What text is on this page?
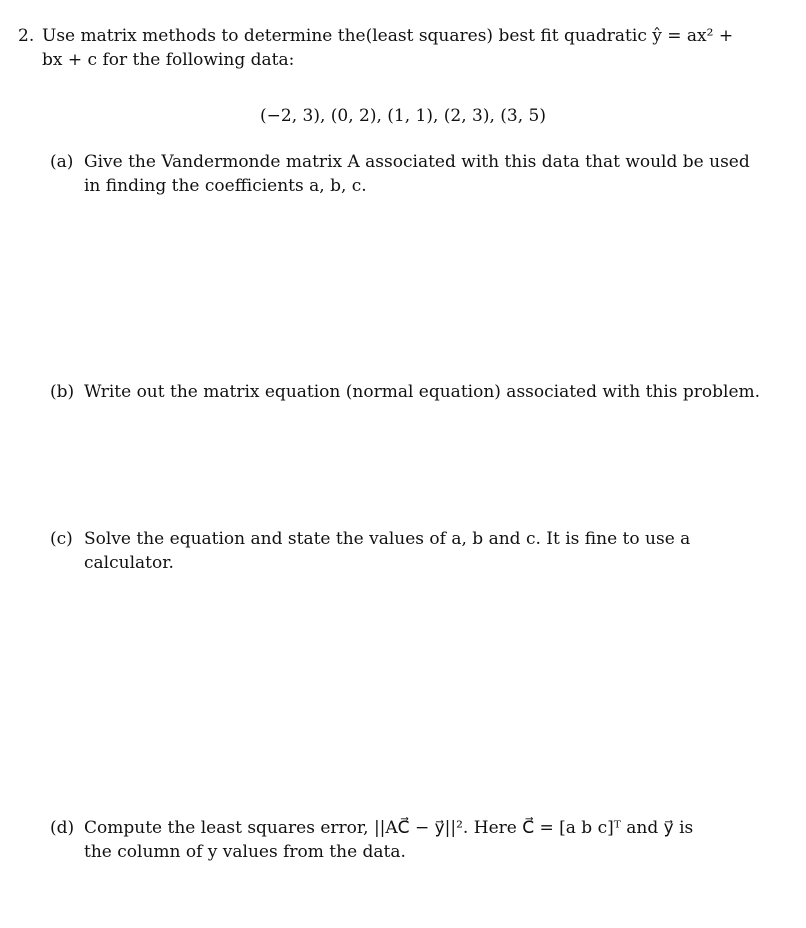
2. Use matrix methods to determine the(least squares) best fit quadratic ŷ = ax² +
bx + c for the following data:
(−2, 3), (0, 2), (1, 1), (2, 3), (3, 5)
(a) Give the Vandermonde matrix A associated with this data that would be used
in finding the coefficients a, b, c.
(b) Write out the matrix equation (normal equation) associated with this problem.
(c) Solve the equation and state the values of a, b and c. It is fine to use a
calculator.
(d) Compute the least squares error, ||AC⃗ − y⃗||². Here C⃗ = [a b c]ᵀ and y⃗ is
the column of y values from the data.
